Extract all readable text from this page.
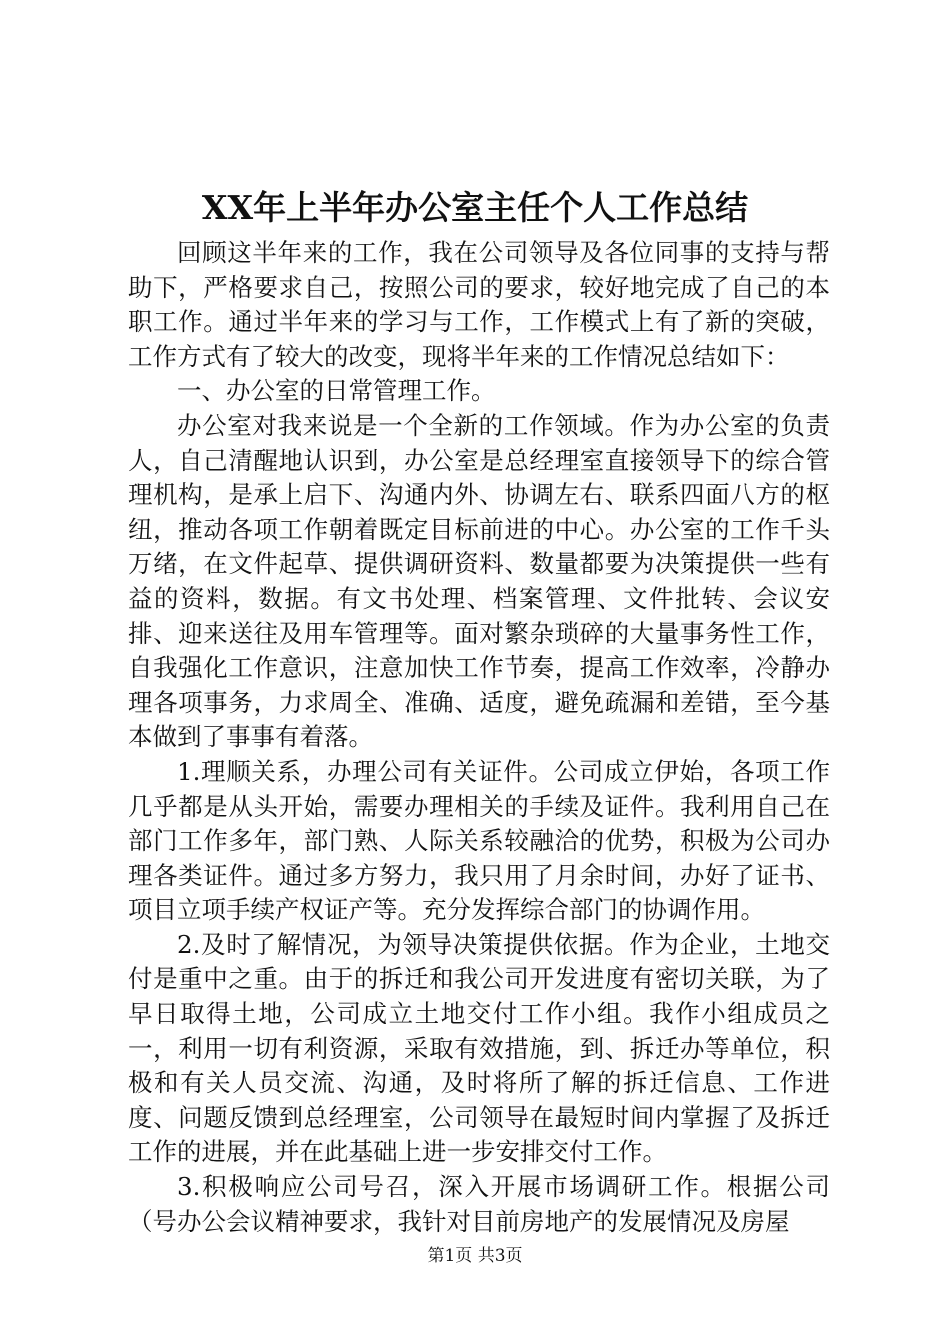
XX年上半年办公室主任个人工作总结

回顾这半年来的工作，我在公司领导及各位同事的支持与帮助下，严格要求自己，按照公司的要求，较好地完成了自己的本职工作。通过半年来的学习与工作，工作模式上有了新的突破，工作方式有了较大的改变，现将半年来的工作情况总结如下：

一、办公室的日常管理工作。

办公室对我来说是一个全新的工作领域。作为办公室的负责人，自己清醒地认识到，办公室是总经理室直接领导下的综合管理机构，是承上启下、沟通内外、协调左右、联系四面八方的枢纽，推动各项工作朝着既定目标前进的中心。办公室的工作千头万绪，在文件起草、提供调研资料、数量都要为决策提供一些有益的资料，数据。有文书处理、档案管理、文件批转、会议安排、迎来送往及用车管理等。面对繁杂琐碎的大量事务性工作，自我强化工作意识，注意加快工作节奏，提高工作效率，冷静办理各项事务，力求周全、准确、适度，避免疏漏和差错，至今基本做到了事事有着落。

1.理顺关系，办理公司有关证件。公司成立伊始，各项工作几乎都是从头开始，需要办理相关的手续及证件。我利用自己在部门工作多年，部门熟、人际关系较融洽的优势，积极为公司办理各类证件。通过多方努力，我只用了月余时间，办好了证书、项目立项手续产权证产等。充分发挥综合部门的协调作用。

2.及时了解情况，为领导决策提供依据。作为企业，土地交付是重中之重。由于的拆迁和我公司开发进度有密切关联，为了早日取得土地，公司成立土地交付工作小组。我作小组成员之一，利用一切有利资源，采取有效措施，到、拆迁办等单位，积极和有关人员交流、沟通，及时将所了解的拆迁信息、工作进度、问题反馈到总经理室，公司领导在最短时间内掌握了及拆迁工作的进展，并在此基础上进一步安排交付工作。

3.积极响应公司号召，深入开展市场调研工作。根据公司（号办公会议精神要求，我针对目前房地产的发展情况及房屋

第1页 共3页
